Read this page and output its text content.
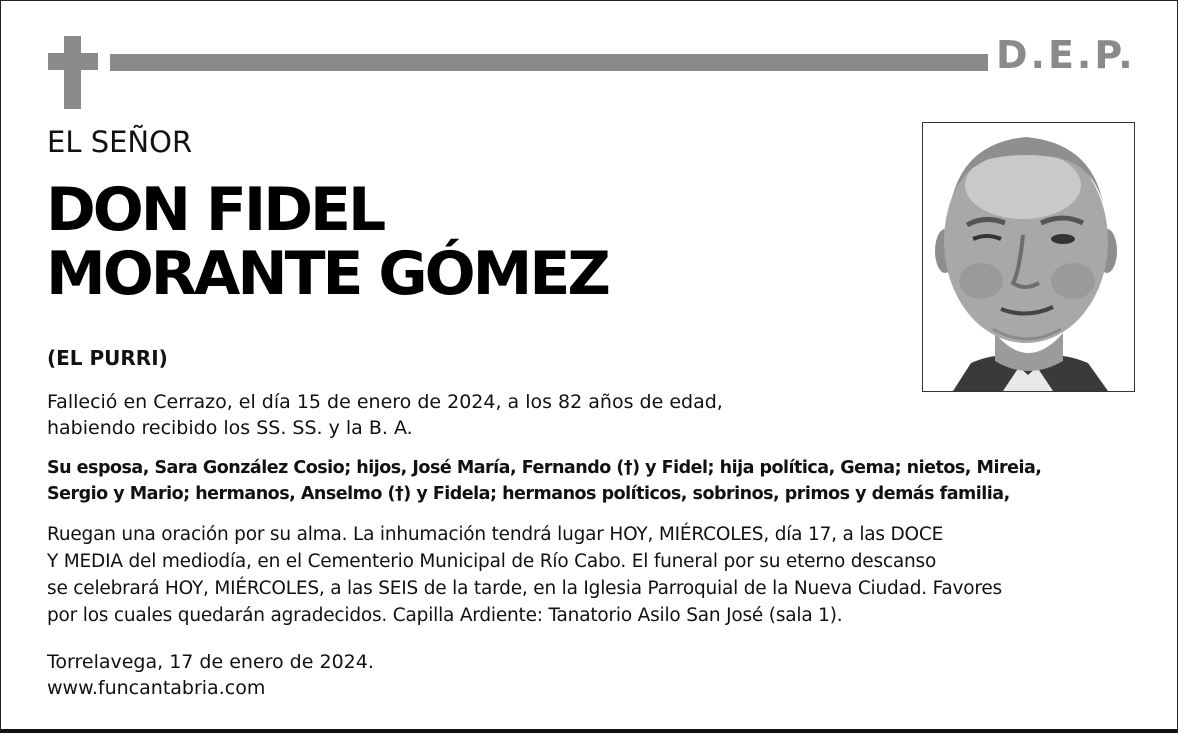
D.E.P.
EL SEÑOR
DON FIDEL
MORANTE GÓMEZ
(EL PURRI)
Falleció en Cerrazo, el día 15 de enero de 2024, a los 82 años de edad,
habiendo recibido los SS. SS. y la B. A.
Su esposa, Sara González Cosio; hijos, José María, Fernando (†) y Fidel; hija política, Gema; nietos, Mireia,
Sergio y Mario; hermanos, Anselmo (†) y Fidela; hermanos políticos, sobrinos, primos y demás familia,
Ruegan una oración por su alma. La inhumación tendrá lugar HOY, MIÉRCOLES, día 17, a las DOCE
Y MEDIA del mediodía, en el Cementerio Municipal de Río Cabo. El funeral por su eterno descanso
se celebrará HOY, MIÉRCOLES, a las SEIS de la tarde, en la Iglesia Parroquial de la Nueva Ciudad. Favores
por los cuales quedarán agradecidos. Capilla Ardiente: Tanatorio Asilo San José (sala 1).
Torrelavega, 17 de enero de 2024.
www.funcantabria.com
